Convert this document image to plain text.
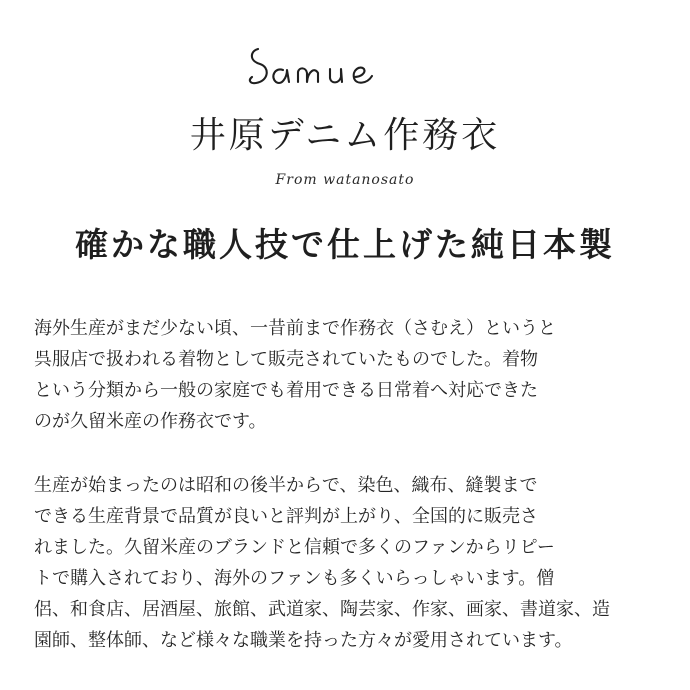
井原デニム作務衣
From watanosato
確かな職人技で仕上げた純日本製
海外生産がまだ少ない頃、一昔前まで作務衣（さむえ）というと
呉服店で扱われる着物として販売されていたものでした。着物
という分類から一般の家庭でも着用できる日常着へ対応できた
のが久留米産の作務衣です。
生産が始まったのは昭和の後半からで、染色、織布、縫製まで
できる生産背景で品質が良いと評判が上がり、全国的に販売さ
れました。久留米産のブランドと信頼で多くのファンからリピー
トで購入されており、海外のファンも多くいらっしゃいます。僧
侶、和食店、居酒屋、旅館、武道家、陶芸家、作家、画家、書道家、造
園師、整体師、など様々な職業を持った方々が愛用されています。
